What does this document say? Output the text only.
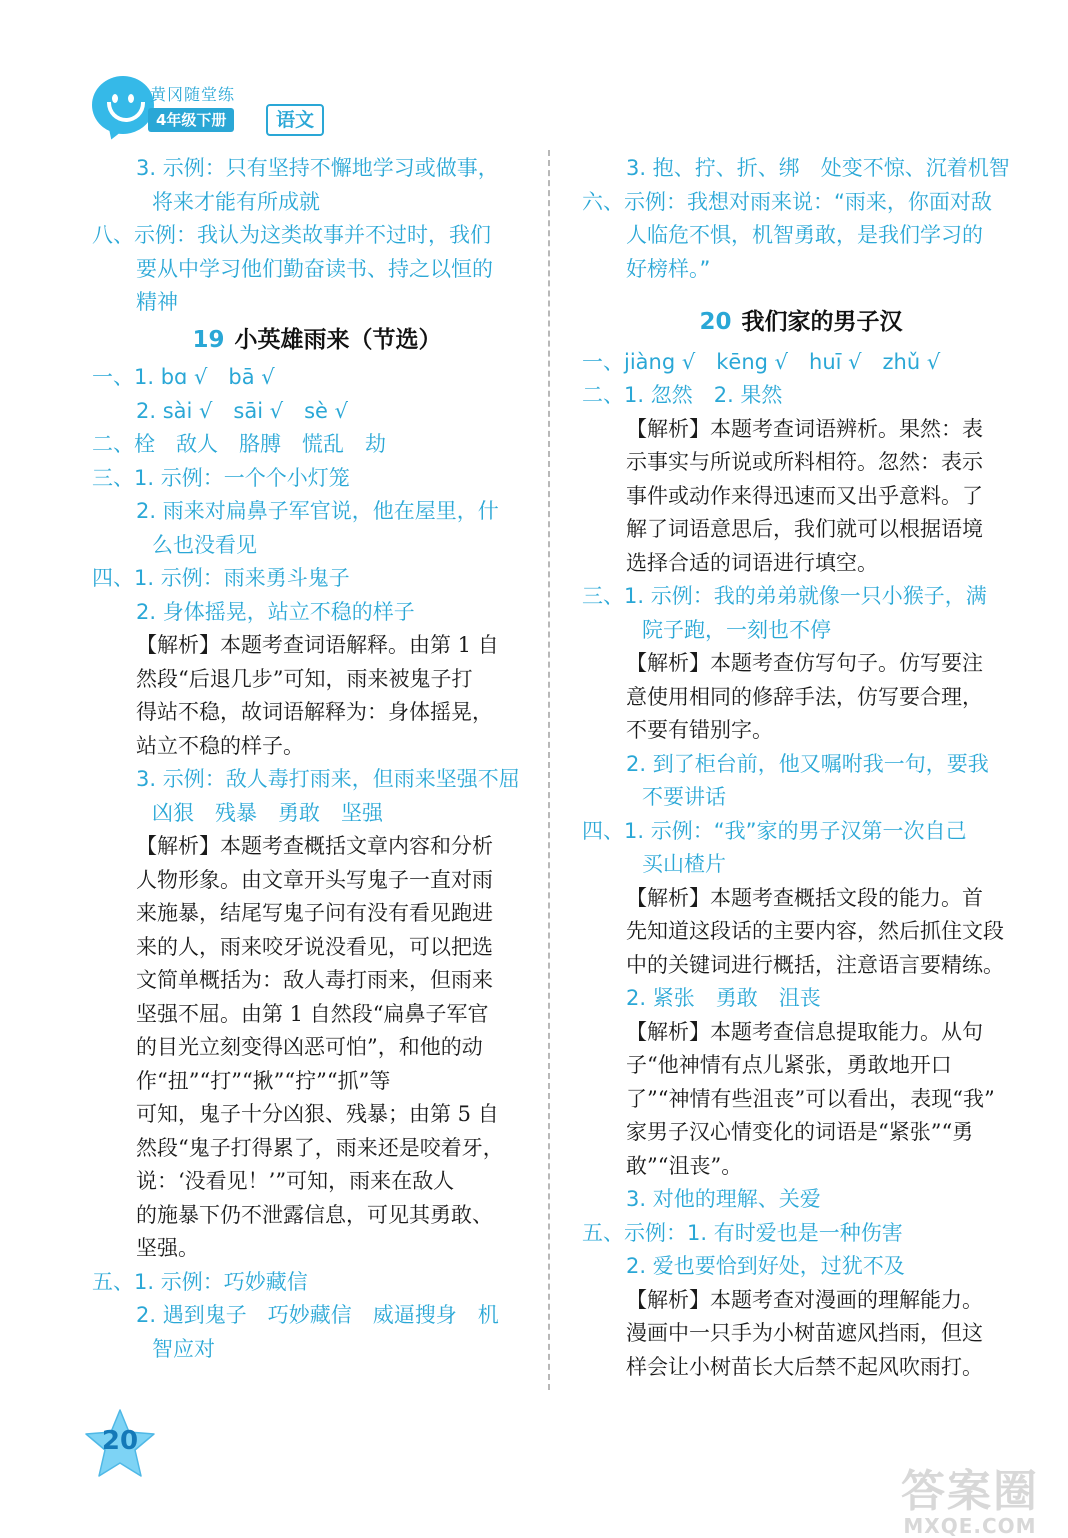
黄冈随堂练
4年级下册	语文
3. 示例：只有坚持不懈地学习或做事，
将来才能有所成就
八、示例：我认为这类故事并不过时，我们
要从中学习他们勤奋读书、持之以恒的
精神
19 小英雄雨来（节选）
一、1. bɑ √　bā √
2. sài √　sāi √　sè √
二、栓　敌人　胳膊　慌乱　劫
三、1. 示例：一个个小灯笼
2. 雨来对扁鼻子军官说，他在屋里，什
么也没看见
四、1. 示例：雨来勇斗鬼子
2. 身体摇晃，站立不稳的样子
【解析】本题考查词语解释。由第 1 自
然段“后退几步”可知，雨来被鬼子打
得站不稳，故词语解释为：身体摇晃，
站立不稳的样子。
3. 示例：敌人毒打雨来，但雨来坚强不屈
凶狠　残暴　勇敢　坚强
【解析】本题考查概括文章内容和分析
人物形象。由文章开头写鬼子一直对雨
来施暴，结尾写鬼子问有没有看见跑进
来的人，雨来咬牙说没看见，可以把选
文简单概括为：敌人毒打雨来，但雨来
坚强不屈。由第 1 自然段“扁鼻子军官
的目光立刻变得凶恶可怕”，和他的动
作“扭”“打”“揪”“拧”“抓”等
可知，鬼子十分凶狠、残暴；由第 5 自
然段“鬼子打得累了，雨来还是咬着牙，
说：‘没看见！’”可知，雨来在敌人
的施暴下仍不泄露信息，可见其勇敢、
坚强。
五、1. 示例：巧妙藏信
2. 遇到鬼子　巧妙藏信　威逼搜身　机
智应对
3. 抱、拧、折、绑　处变不惊、沉着机智
六、示例：我想对雨来说：“雨来，你面对敌
人临危不惧，机智勇敢，是我们学习的
好榜样。”
20 我们家的男子汉
一、jiàng √　kēng √　huī √　zhǔ √
二、1. 忽然　2. 果然
【解析】本题考查词语辨析。果然：表
示事实与所说或所料相符。忽然：表示
事件或动作来得迅速而又出乎意料。了
解了词语意思后，我们就可以根据语境
选择合适的词语进行填空。
三、1. 示例：我的弟弟就像一只小猴子，满
院子跑，一刻也不停
【解析】本题考查仿写句子。仿写要注
意使用相同的修辞手法，仿写要合理，
不要有错别字。
2. 到了柜台前，他又嘱咐我一句，要我
不要讲话
四、1. 示例：“我”家的男子汉第一次自己
买山楂片
【解析】本题考查概括文段的能力。首
先知道这段话的主要内容，然后抓住文段
中的关键词进行概括，注意语言要精练。
2. 紧张　勇敢　沮丧
【解析】本题考查信息提取能力。从句
子“他神情有点儿紧张，勇敢地开口
了”“神情有些沮丧”可以看出，表现“我”
家男子汉心情变化的词语是“紧张”“勇
敢”“沮丧”。
3. 对他的理解、关爱
五、示例：1. 有时爱也是一种伤害
2. 爱也要恰到好处，过犹不及
【解析】本题考查对漫画的理解能力。
漫画中一只手为小树苗遮风挡雨，但这
样会让小树苗长大后禁不起风吹雨打。
20
答案圈
MXQE.COM
